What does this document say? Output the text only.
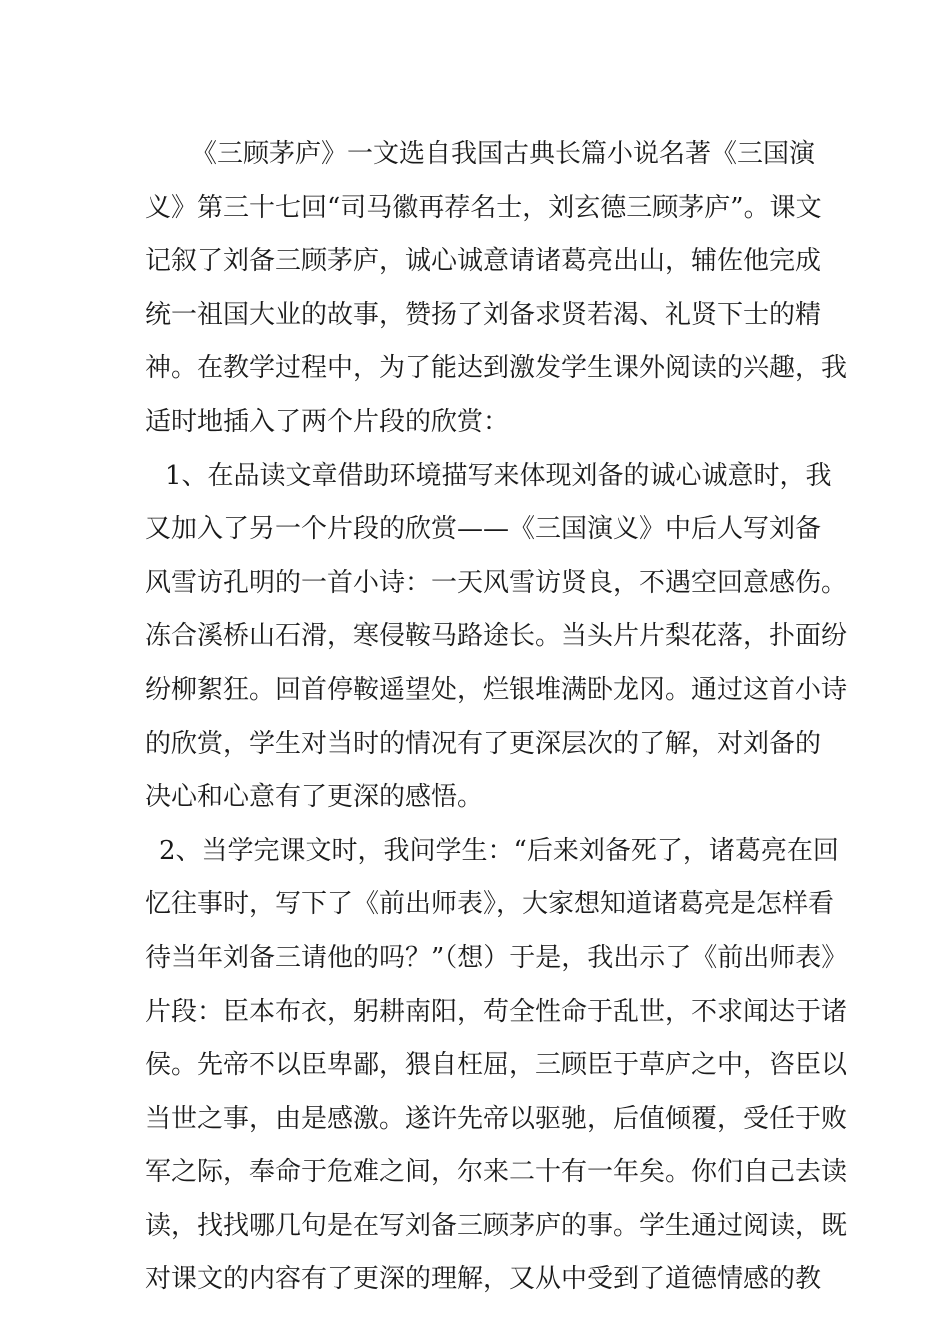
《三顾茅庐》一文选自我国古典长篇小说名著《三国演
义》第三十七回“司马徽再荐名士，刘玄德三顾茅庐”。课文
记叙了刘备三顾茅庐，诚心诚意请诸葛亮出山，辅佐他完成
统一祖国大业的故事，赞扬了刘备求贤若渴、礼贤下士的精
神。在教学过程中，为了能达到激发学生课外阅读的兴趣，我
适时地插入了两个片段的欣赏：
1、在品读文章借助环境描写来体现刘备的诚心诚意时，我
又加入了另一个片段的欣赏——《三国演义》中后人写刘备
风雪访孔明的一首小诗：一天风雪访贤良，不遇空回意感伤。
冻合溪桥山石滑，寒侵鞍马路途长。当头片片梨花落，扑面纷
纷柳絮狂。回首停鞍遥望处，烂银堆满卧龙冈。通过这首小诗
的欣赏，学生对当时的情况有了更深层次的了解，对刘备的
决心和心意有了更深的感悟。
2、当学完课文时，我问学生：“后来刘备死了，诸葛亮在回
忆往事时，写下了《前出师表》，大家想知道诸葛亮是怎样看
待当年刘备三请他的吗？”（想）于是，我出示了《前出师表》
片段：臣本布衣，躬耕南阳，苟全性命于乱世，不求闻达于诸
侯。先帝不以臣卑鄙，猥自枉屈，三顾臣于草庐之中，咨臣以
当世之事，由是感激。遂许先帝以驱驰，后值倾覆，受任于败
军之际，奉命于危难之间，尔来二十有一年矣。你们自己去读
读，找找哪几句是在写刘备三顾茅庐的事。学生通过阅读，既
对课文的内容有了更深的理解，又从中受到了道德情感的教
